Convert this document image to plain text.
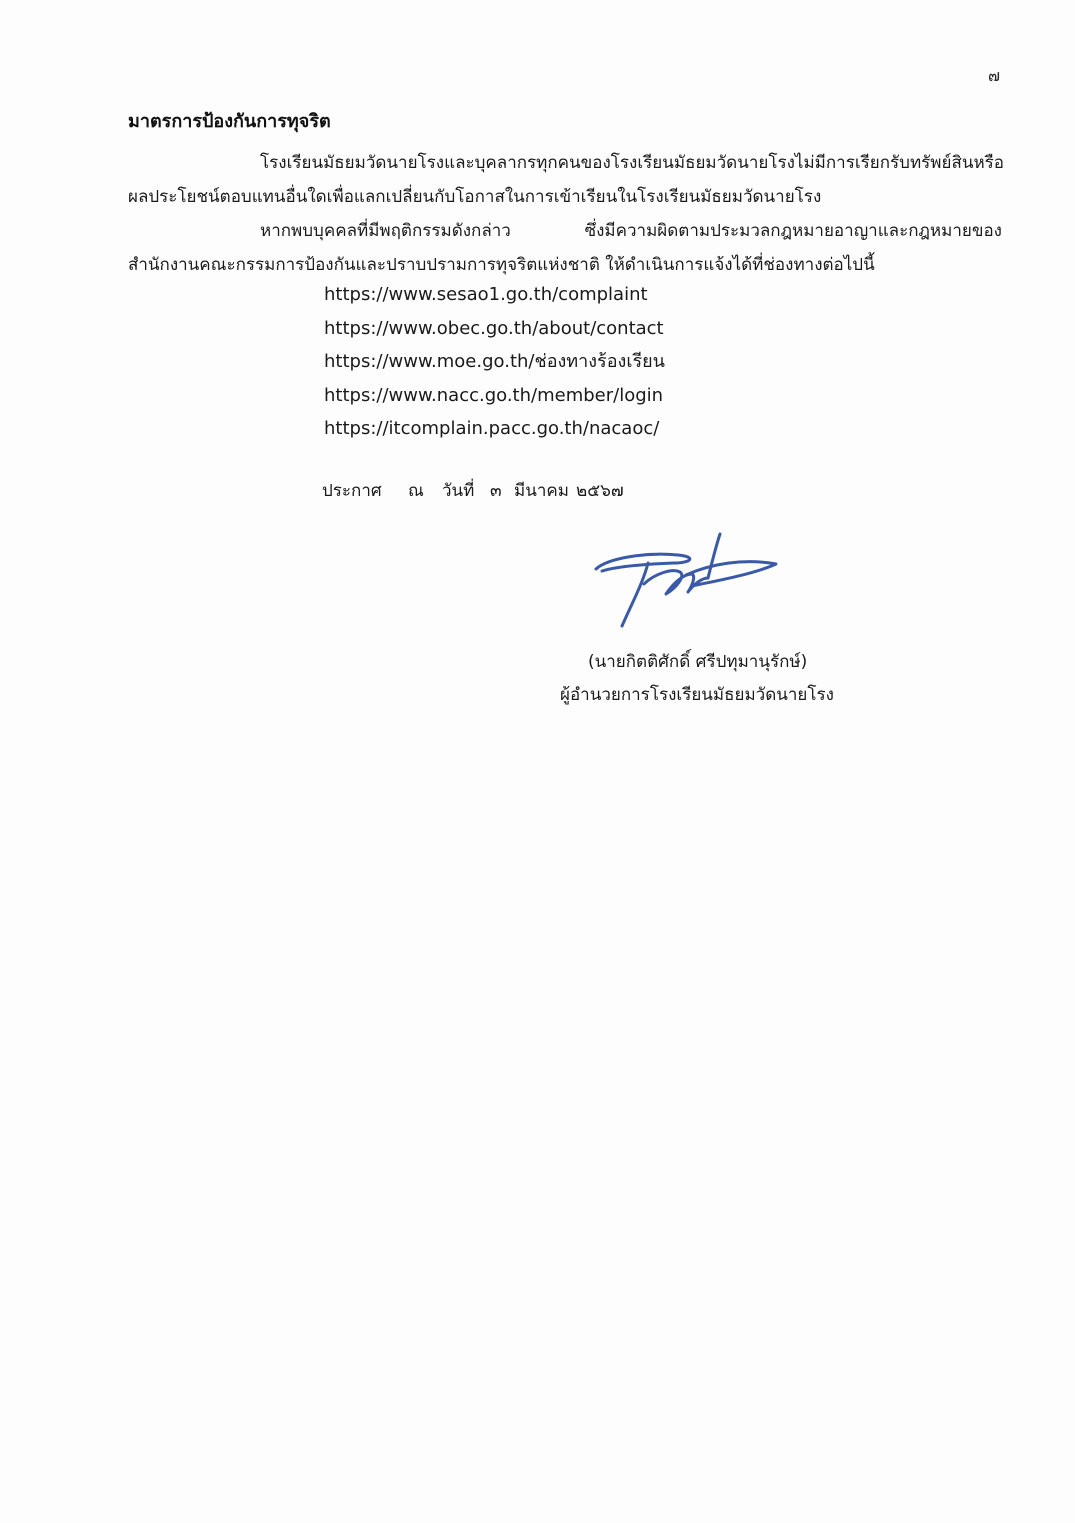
๗
มาตรการป้องกันการทุจริต
โรงเรียนมัธยมวัดนายโรงและบุคลากรทุกคนของโรงเรียนมัธยมวัดนายโรงไม่มีการเรียกรับทรัพย์สินหรือ
ผลประโยชน์ตอบแทนอื่นใดเพื่อแลกเปลี่ยนกับโอกาสในการเข้าเรียนในโรงเรียนมัธยมวัดนายโรง
หากพบบุคคลที่มีพฤติกรรมดังกล่าว ซึ่งมีความผิดตามประมวลกฎหมายอาญาและกฎหมายของ
สำนักงานคณะกรรมการป้องกันและปราบปรามการทุจริตแห่งชาติ ให้ดำเนินการแจ้งได้ที่ช่องทางต่อไปนี้
https://www.sesao1.go.th/complaint
https://www.obec.go.th/about/contact
https://www.moe.go.th/ช่องทางร้องเรียน
https://www.nacc.go.th/member/login
https://itcomplain.pacc.go.th/nacaoc/
ประกาศ ณ วันที่ ๓ มีนาคม ๒๕๖๗
(นายกิตติศักดิ์ ศรีปทุมานุรักษ์)
ผู้อำนวยการโรงเรียนมัธยมวัดนายโรง
